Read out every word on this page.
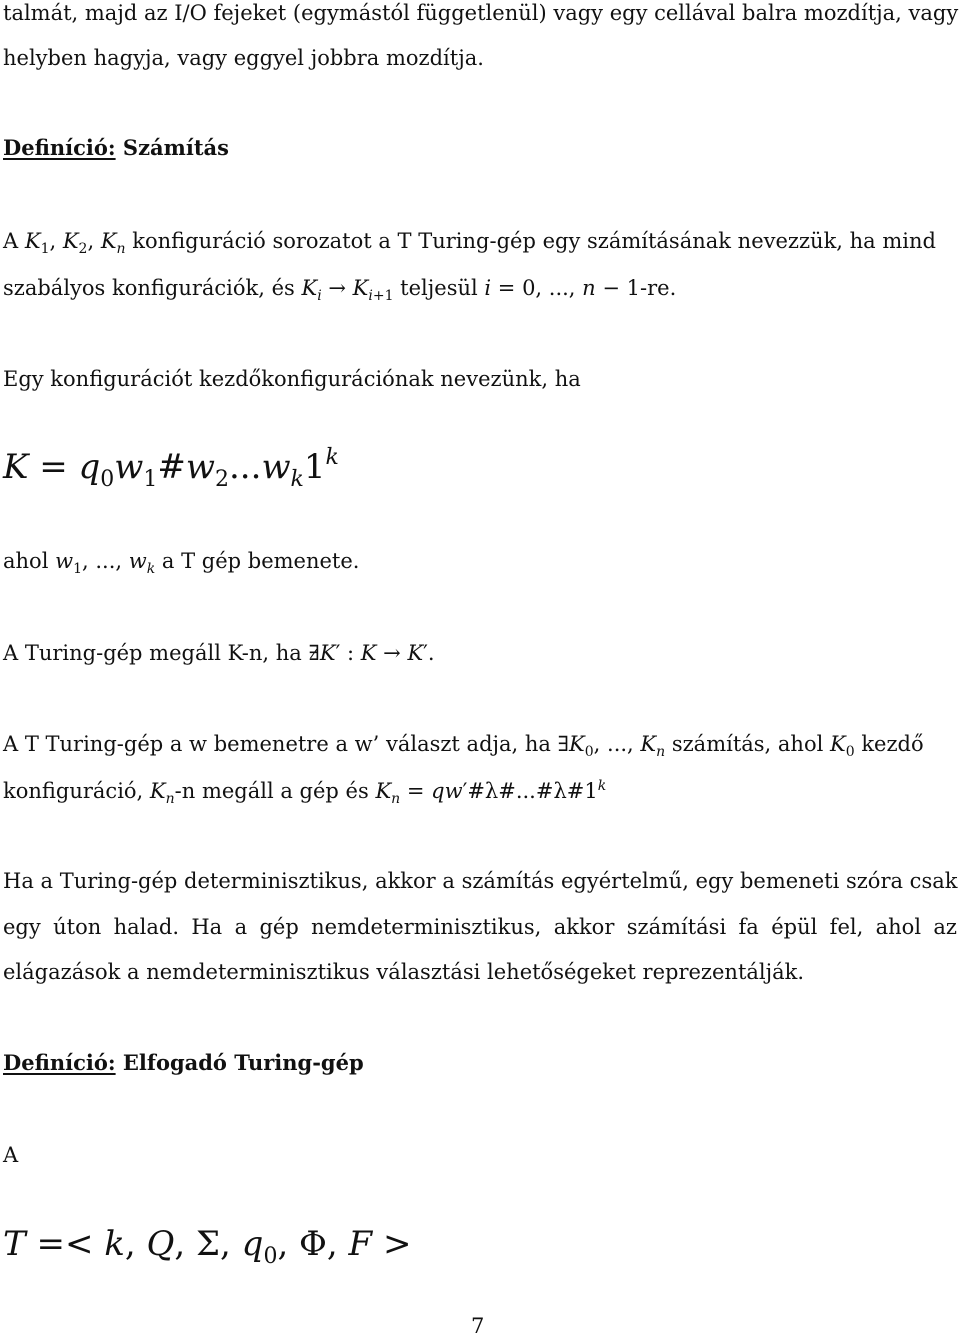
talmát, majd az I/O fejeket (egymástól függetlenül) vagy egy cellával balra mozdítja, vagy
helyben hagyja, vagy eggyel jobbra mozdítja.
Definíció: Számítás
A $K_1$, $K_2$, $K_n$ konfiguráció sorozatot a T Turing-gép egy számításának nevezzük, ha mind
szabályos konfigurációk, és $K_i \to K_{i+1}$ teljesül i = 0, ..., n − 1-re.
Egy konfigurációt kezdőkonfigurációnak nevezünk, ha
$K = q_0w_1\#w_2...w_k1^k$
ahol $w_1$, ..., $w_k$ a T gép bemenete.
A Turing-gép megáll K-n, ha ∃K′ : K → K′.
A T Turing-gép a w bemenetre a w’ választ adja, ha $\exists K_0$, ..., $K_n$ számítás, ahol $K_0$ kezdő
konfiguráció, $K_n-n$ megáll a gép és $K_n$ = $qw'\#\lambda\#...\#\lambda\#1^k$
Ha a Turing-gép determinisztikus, akkor a számítás egyértelmű, egy bemeneti szóra csak
egy úton halad. Ha a gép nemdeterminisztikus, akkor számítási fa épül fel, ahol az
elágazások a nemdeterminisztikus választási lehetőségeket reprezentálják.
Definíció: Elfogadó Turing-gép
A
T =< k, Q, Σ, $q_0$, Φ, F >
7
